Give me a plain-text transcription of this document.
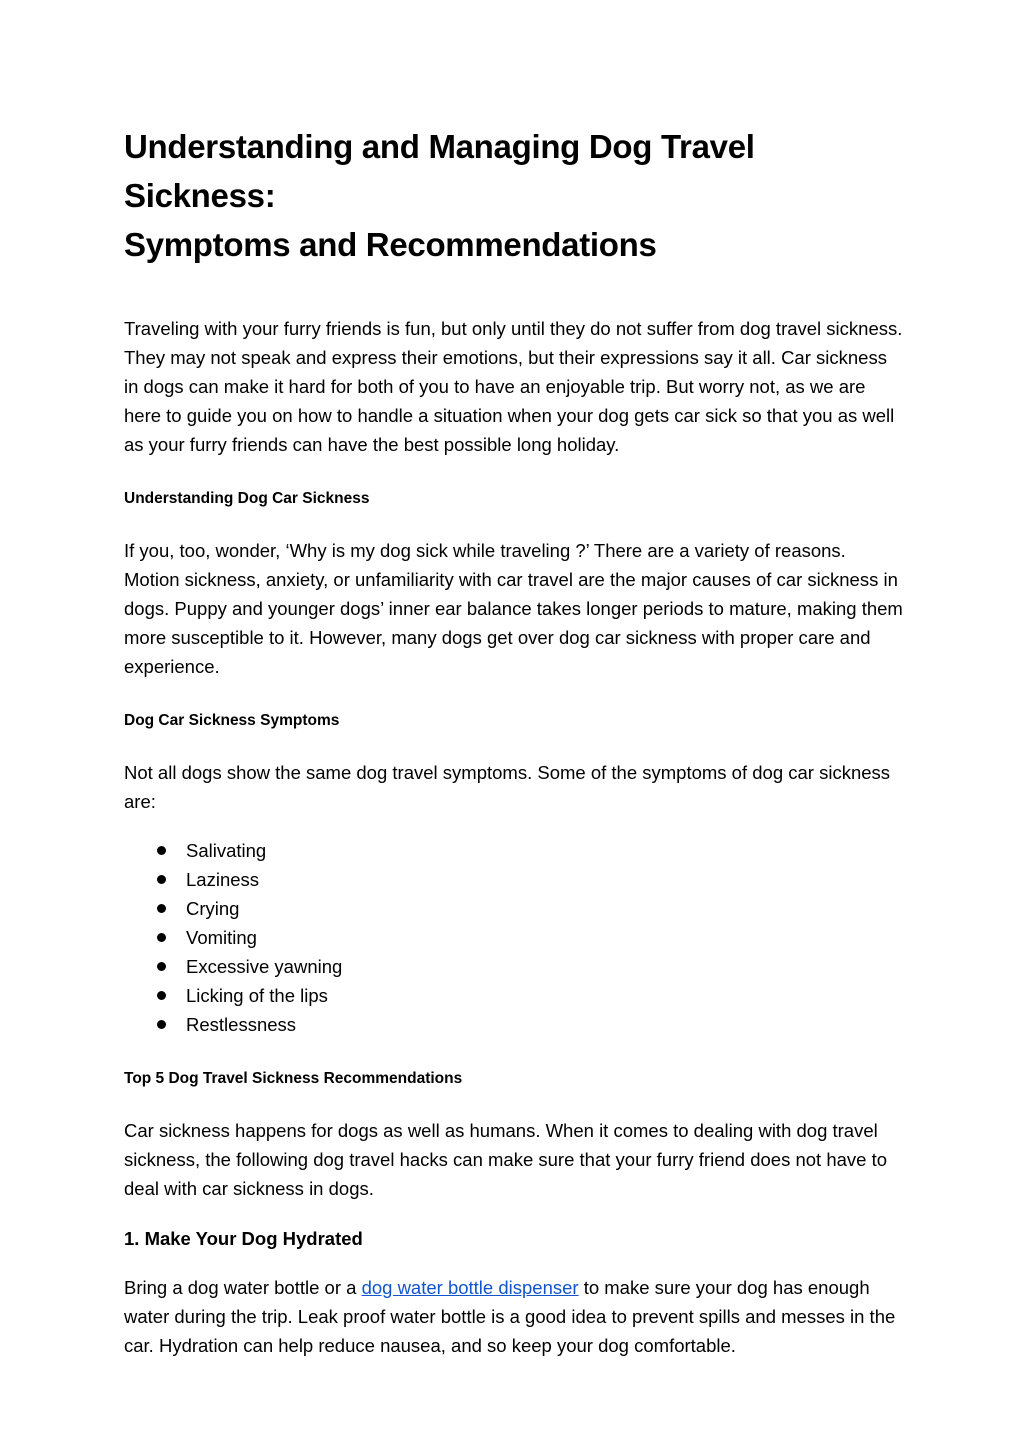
Understanding and Managing Dog Travel Sickness:
Symptoms and Recommendations

Traveling with your furry friends is fun, but only until they do not suffer from dog travel sickness. They may not speak and express their emotions, but their expressions say it all. Car sickness in dogs can make it hard for both of you to have an enjoyable trip. But worry not, as we are here to guide you on how to handle a situation when your dog gets car sick so that you as well as your furry friends can have the best possible long holiday.

Understanding Dog Car Sickness

If you, too, wonder, ‘Why is my dog sick while traveling ?’ There are a variety of reasons. Motion sickness, anxiety, or unfamiliarity with car travel are the major causes of car sickness in dogs. Puppy and younger dogs’ inner ear balance takes longer periods to mature, making them more susceptible to it. However, many dogs get over dog car sickness with proper care and experience.

Dog Car Sickness Symptoms

Not all dogs show the same dog travel symptoms. Some of the symptoms of dog car sickness are:

Salivating
Laziness
Crying
Vomiting
Excessive yawning
Licking of the lips
Restlessness
Top 5 Dog Travel Sickness Recommendations

Car sickness happens for dogs as well as humans. When it comes to dealing with dog travel sickness, the following dog travel hacks can make sure that your furry friend does not have to deal with car sickness in dogs.

1. Make Your Dog Hydrated

Bring a dog water bottle or a dog water bottle dispenser to make sure your dog has enough water during the trip. Leak proof water bottle is a good idea to prevent spills and messes in the car. Hydration can help reduce nausea, and so keep your dog comfortable.
